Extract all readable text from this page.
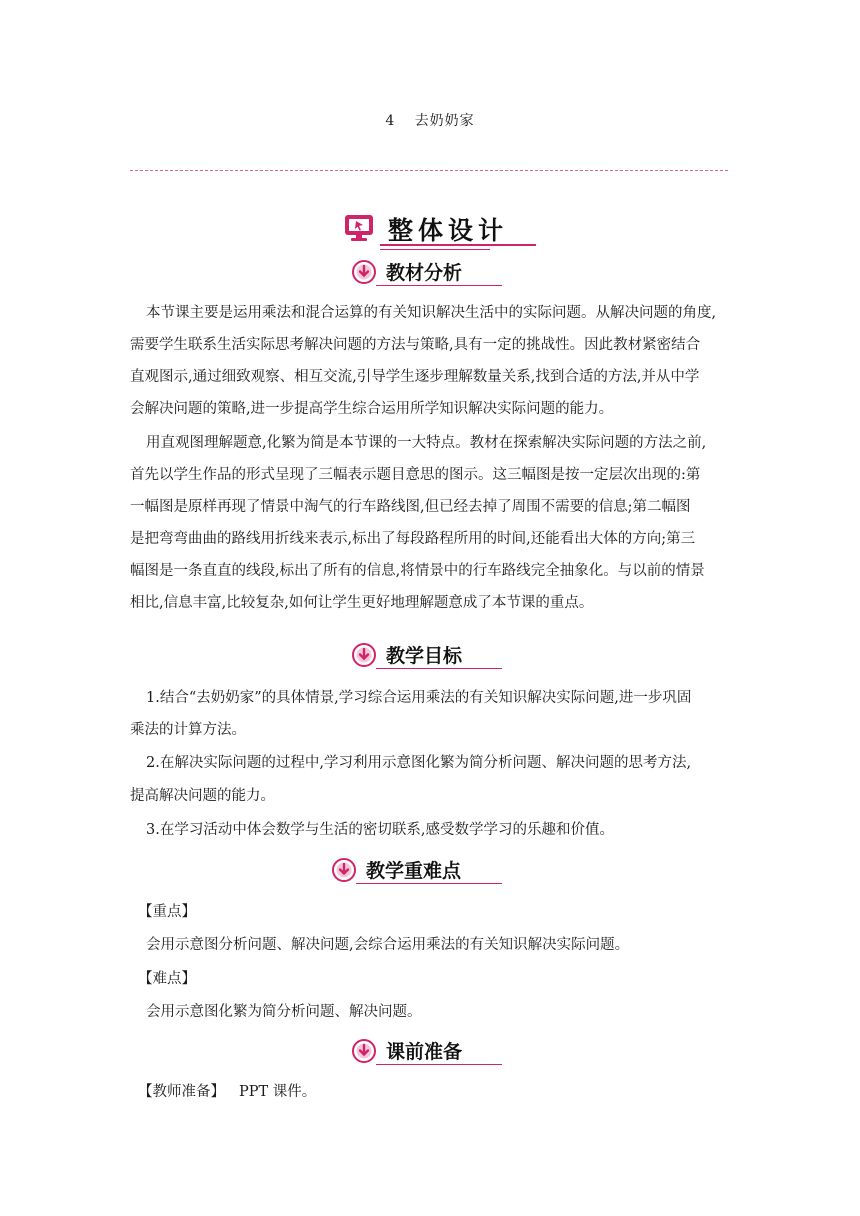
4 去奶奶家
整体设计
教材分析
本节课主要是运用乘法和混合运算的有关知识解决生活中的实际问题。从解决问题的角度,
需要学生联系生活实际思考解决问题的方法与策略,具有一定的挑战性。因此教材紧密结合
直观图示,通过细致观察、相互交流,引导学生逐步理解数量关系,找到合适的方法,并从中学
会解决问题的策略,进一步提高学生综合运用所学知识解决实际问题的能力。
用直观图理解题意,化繁为简是本节课的一大特点。教材在探索解决实际问题的方法之前,
首先以学生作品的形式呈现了三幅表示题目意思的图示。这三幅图是按一定层次出现的:第
一幅图是原样再现了情景中淘气的行车路线图,但已经去掉了周围不需要的信息;第二幅图
是把弯弯曲曲的路线用折线来表示,标出了每段路程所用的时间,还能看出大体的方向;第三
幅图是一条直直的线段,标出了所有的信息,将情景中的行车路线完全抽象化。与以前的情景
相比,信息丰富,比较复杂,如何让学生更好地理解题意成了本节课的重点。
教学目标
1.结合“去奶奶家”的具体情景,学习综合运用乘法的有关知识解决实际问题,进一步巩固
乘法的计算方法。
2.在解决实际问题的过程中,学习利用示意图化繁为简分析问题、解决问题的思考方法,
提高解决问题的能力。
3.在学习活动中体会数学与生活的密切联系,感受数学学习的乐趣和价值。
教学重难点
【重点】
会用示意图分析问题、解决问题,会综合运用乘法的有关知识解决实际问题。
【难点】
会用示意图化繁为简分析问题、解决问题。
课前准备
【教师准备】 PPT 课件。
